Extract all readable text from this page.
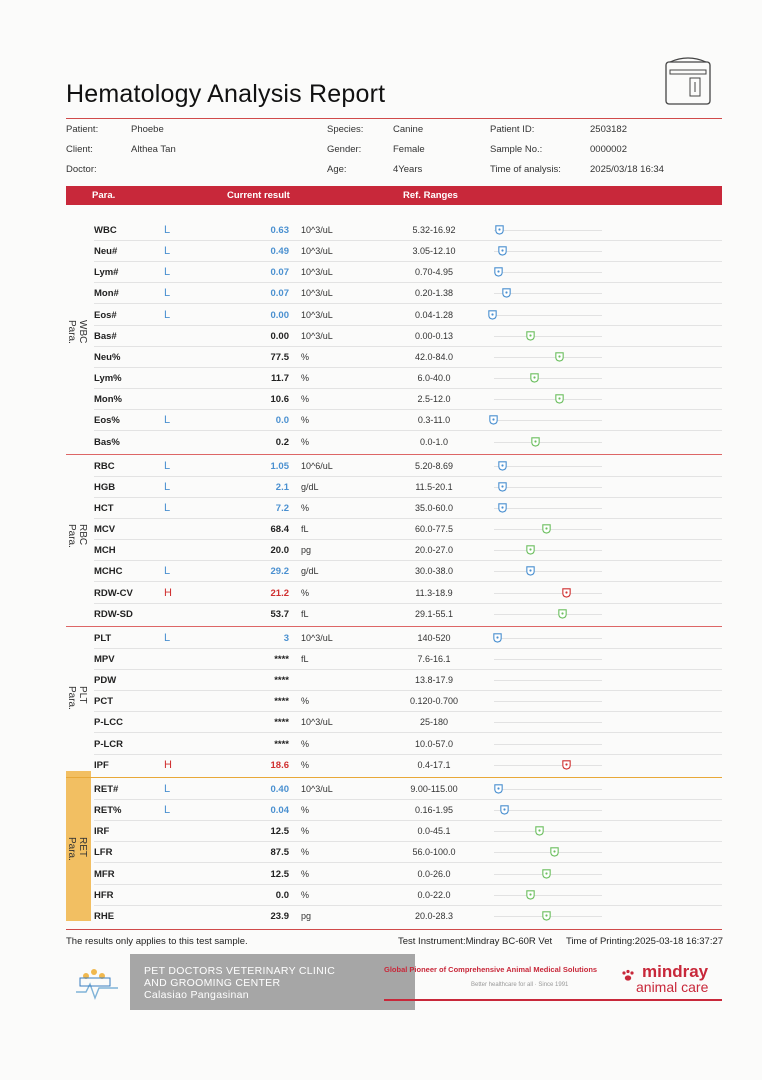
Hematology Analysis Report
Patient:	Phoebe
Client:	Althea Tan
Doctor:
Species:	Canine
Gender:	Female
Age:	4Years
Patient ID:	2503182
Sample No.:	0000002
Time of analysis:	2025/03/18 16:34
Para.	Current result	Ref. Ranges
WBC	L	0.63 10^3/uL	5.32-16.92
Neu#	L	0.49 10^3/uL	3.05-12.10
Lym#	L	0.07 10^3/uL	0.70-4.95
Mon#	L	0.07 10^3/uL	0.20-1.38
Eos#	L	0.00 10^3/uL	0.04-1.28
Bas#	0.00 10^3/uL	0.00-0.13
Neu%	77.5 %	42.0-84.0
Lym%	11.7 %	6.0-40.0
Mon%	10.6 %	2.5-12.0
Eos%	L	0.0 %	0.3-11.0
Bas%	0.2 %	0.0-1.0
RBC	L	1.05 10^6/uL	5.20-8.69
HGB	L	2.1 g/dL	11.5-20.1
HCT	L	7.2 %	35.0-60.0
MCV	68.4 fL	60.0-77.5
MCH	20.0 pg	20.0-27.0
MCHC	L	29.2 g/dL	30.0-38.0
RDW-CV	H	21.2 %	11.3-18.9
RDW-SD	53.7 fL	29.1-55.1
PLT	L	3 10^3/uL	140-520
MPV	**** fL	7.6-16.1
PDW	****	13.8-17.9
PCT	**** %	0.120-0.700
P-LCC	**** 10^3/uL	25-180
P-LCR	**** %	10.0-57.0
IPF	H	18.6 %	0.4-17.1
RET#	L	0.40 10^3/uL	9.00-115.00
RET%	L	0.04 %	0.16-1.95
IRF	12.5 %	0.0-45.1
LFR	87.5 %	56.0-100.0
MFR	12.5 %	0.0-26.0
HFR	0.0 %	0.0-22.0
RHE	23.9 pg	20.0-28.3
The results only applies to this test sample.	Test Instrument:Mindray BC-60R Vet Time of Printing:2025-03-18 16:37:27
PET DOCTORS VETERINARY CLINIC
AND GROOMING CENTER
Calasiao Pangasinan
Global Pioneer of Comprehensive Animal Medical Solutions
Better healthcare for all · Since 1991
mindray
animal care
WBC
Para.
RBC
Para.
PLT
Para.
RET
Para.
